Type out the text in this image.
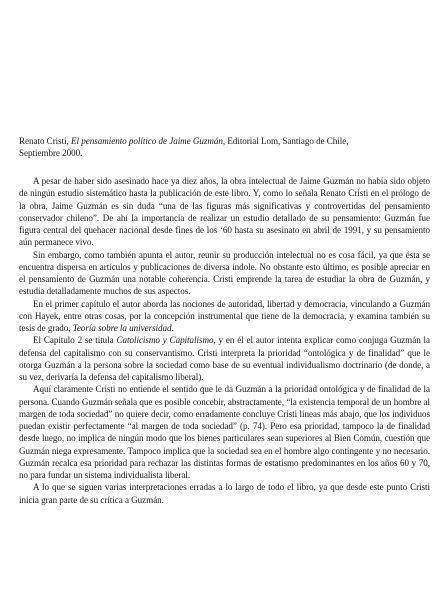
Renato Cristi, El pensamiento político de Jaime Guzmán, Editorial Lom, Santiago de Chile,
Septiembre 2000.

A pesar de haber sido asesinado hace ya diez años, la obra intelectual de Jaime Guzmán no había sido objeto de ningún estudio sistemático hasta la publicación de este libro. Y, como lo señala Renato Cristi en el prólogo de la obra, Jaime Guzmán es sin duda “una de las figuras más significativas y controvertidas del pensamiento conservador chileno”. De ahí la importancia de realizar un estudio detallado de su pensamiento: Guzmán fue figura central del quehacer nacional desde fines de los ‘60 hasta su asesinato en abril de 1991, y su pensamiento aún permanece vivo.

Sin embargo, como también apunta el autor, reunir su producción intelectual no es cosa fácil, ya que ésta se encuentra dispersa en artículos y publicaciones de diversa índole. No obstante esto último, es posible apreciar en el pensamiento de Guzmán una notable coherencia. Cristi emprende la tarea de estudiar la obra de Guzmán, y estudia detalladamente muchos de sus aspectos.

En el primer capítulo el autor aborda las nociones de autoridad, libertad y democracia, vinculando a Guzmán con Hayek, entre otras cosas, por la concepción instrumental que tiene de la democracia, y examina también su tesis de grado, Teoría sobre la universidad.

El Capítulo 2 se titula Catolicismo y Capitalismo, y en él el autor intenta explicar como conjuga Guzmán la defensa del capitalismo con su conservantismo. Cristi interpreta la prioridad “ontológica y de finalidad” que le otorga Guzmán a la persona sobre la sociedad como base de su eventual individualismo doctrinario (de donde, a su vez, derivaría la defensa del capitalismo liberal).

Aquí claramente Cristi no entiende el sentido que le da Guzmán a la prioridad ontológica y de finalidad de la persona. Cuando Guzmán señala que es posible concebir, abstractamente, “la existencia temporal de un hombre al margen de toda sociedad” no quiere decir, como erradamente concluye Cristi líneas más abajo, que los individuos puedan existir perfectamente “al margen de toda sociedad” (p. 74). Pero esa prioridad, tampoco la de finalidad desde luego, no implica de ningún modo que los bienes particulares sean superiores al Bien Común, cuestión que Guzmán niega expresamente. Tampoco implica que la sociedad sea en el hombre algo contingente y no necesario. Guzmán recalca esa prioridad para rechazar las distintas formas de estatismo predominantes en los años 60 y 70, no para fundar un sistema individualista liberal.

A lo que se siguen varias interpretaciones erradas a lo largo de todo el libro, ya que desde este punto Cristi inicia gran parte de su crítica a Guzmán.
